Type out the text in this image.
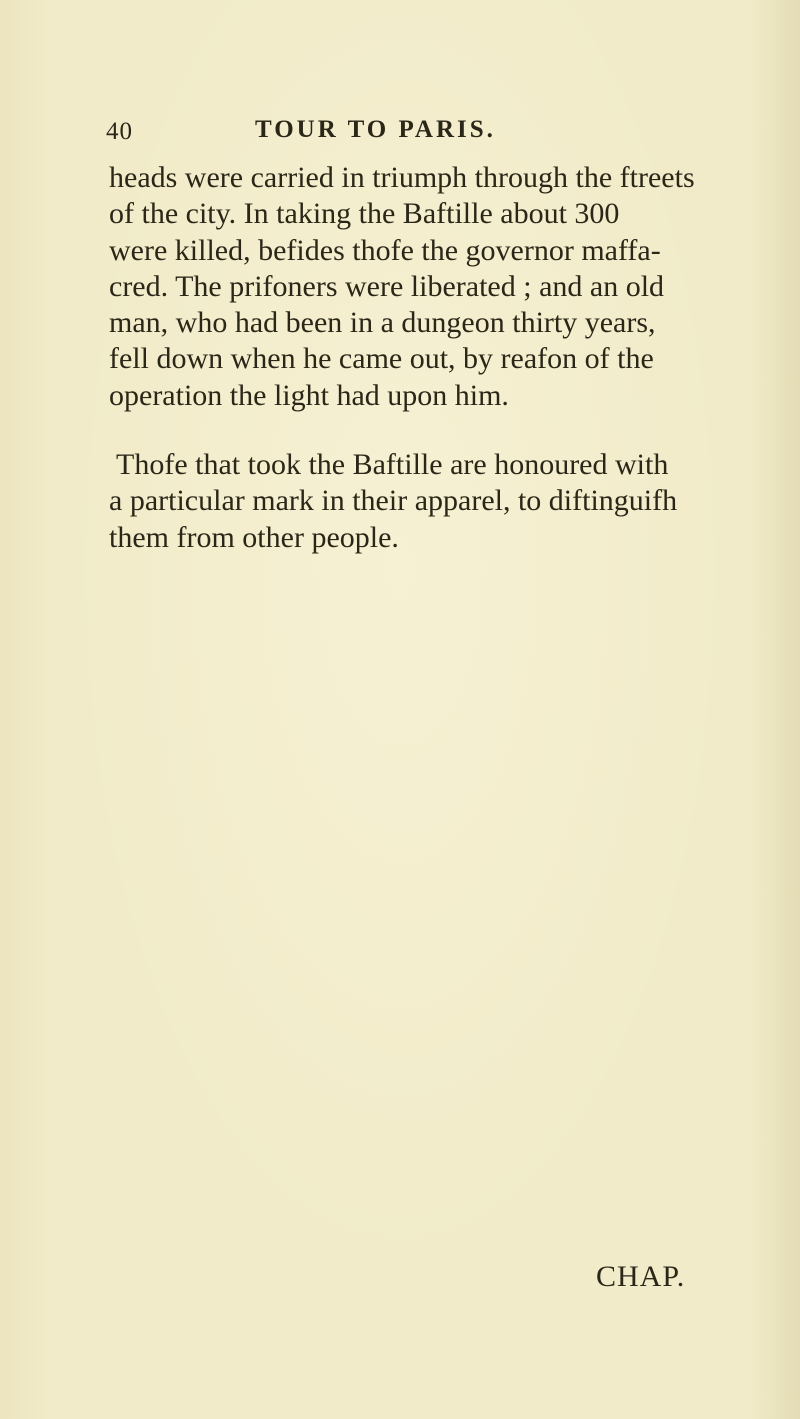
40	TOUR TO PARIS.
heads were carried in triumph through the ftreets
of the city. In taking the Baftille about 300
were killed, befides thofe the governor maffa-
cred. The prifoners were liberated ; and an old
man, who had been in a dungeon thirty years,
fell down when he came out, by reafon of the
operation the light had upon him.
Thofe that took the Baftille are honoured with
a particular mark in their apparel, to diftinguifh
them from other people.
CHAP.
